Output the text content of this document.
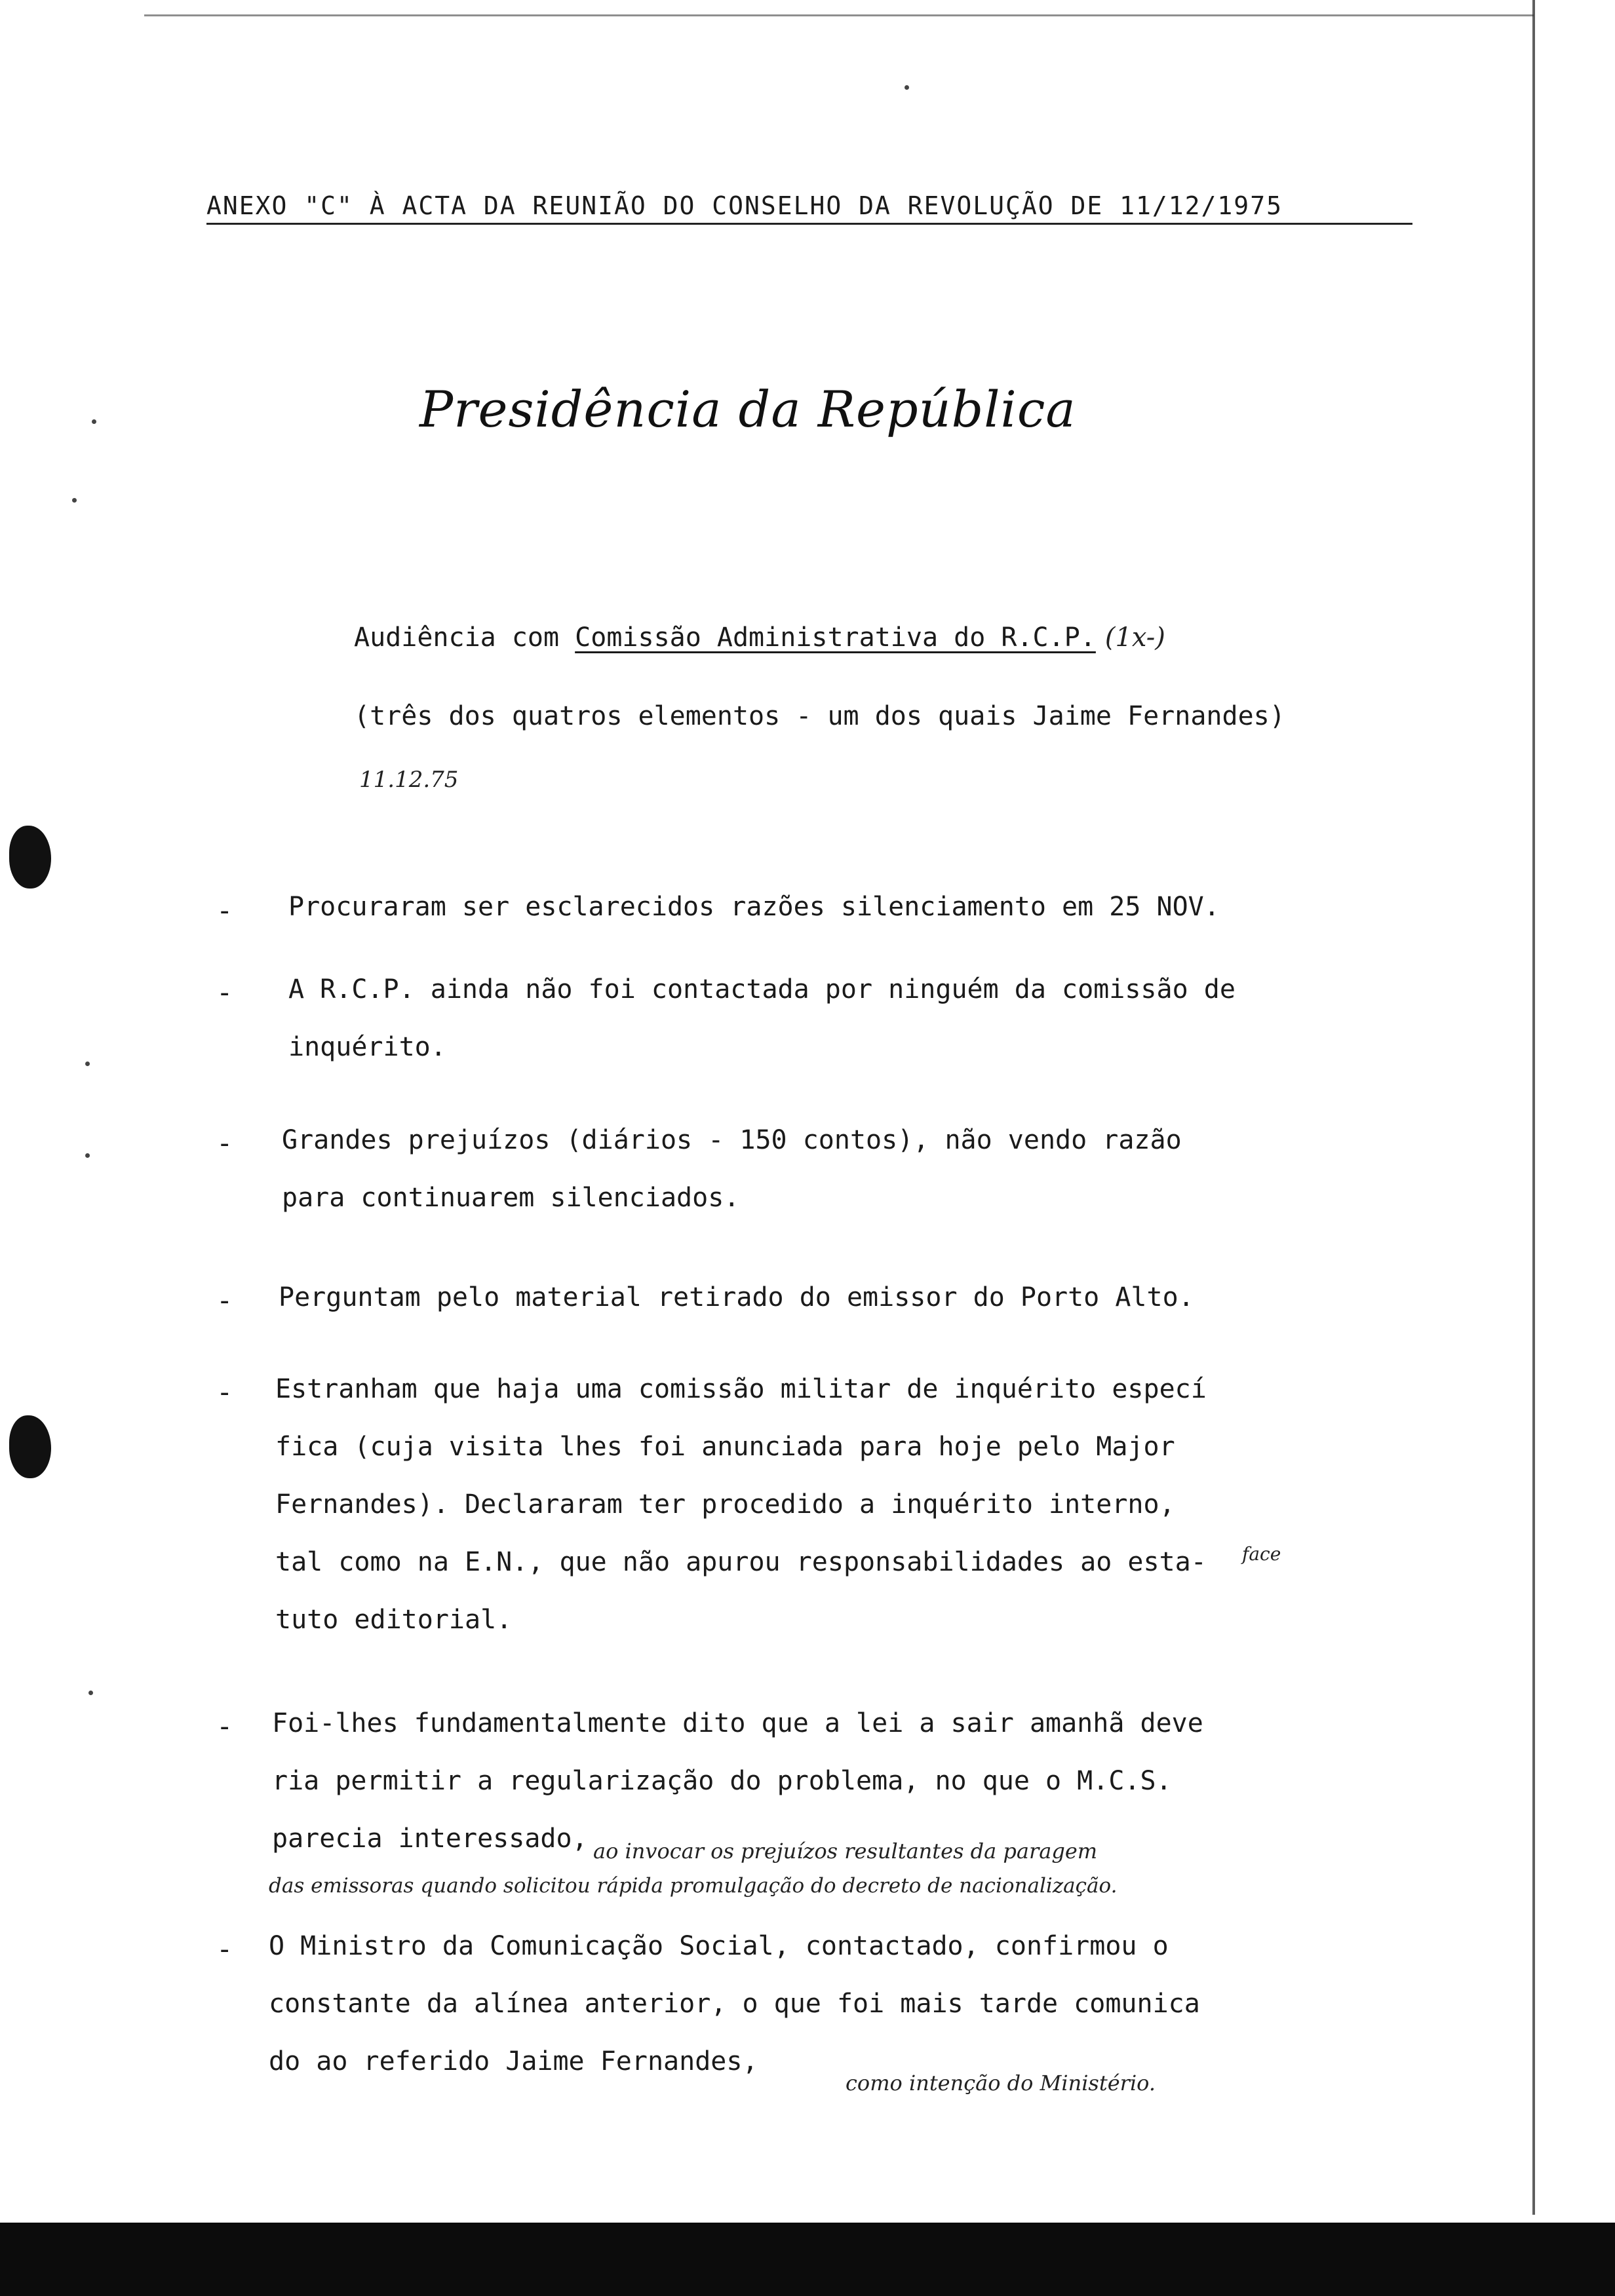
ANEXO "C" À ACTA DA REUNIÃO DO CONSELHO DA REVOLUÇÃO DE 11/12/1975
Presidência da República
Audiência com Comissão Administrativa do R.C.P. (1x-)
(três dos quatros elementos - um dos quais Jaime Fernandes)
11.12.75
- Procuraram ser esclarecidos razões silenciamento em 25 NOV.
- A R.C.P. ainda não foi contactada por ninguém da comissão de
inquérito.
- Grandes prejuízos (diários - 150 contos), não vendo razão
para continuarem silenciados.
- Perguntam pelo material retirado do emissor do Porto Alto.
- Estranham que haja uma comissão militar de inquérito especí
fica (cuja visita lhes foi anunciada para hoje pelo Major
Fernandes). Declararam ter procedido a inquérito interno,
tal como na E.N., que não apurou responsabilidades ao esta-
tuto editorial.
face
- Foi-lhes fundamentalmente dito que a lei a sair amanhã deve
ria permitir a regularização do problema, no que o M.C.S.
parecia interessado, ao invocar os prejuízos resultantes da paragem
das emissoras quando solicitou rápida promulgação do decreto de nacionalização.
- O Ministro da Comunicação Social, contactado, confirmou o
constante da alínea anterior, o que foi mais tarde comunica
do ao referido Jaime Fernandes,
como intenção do Ministério.
